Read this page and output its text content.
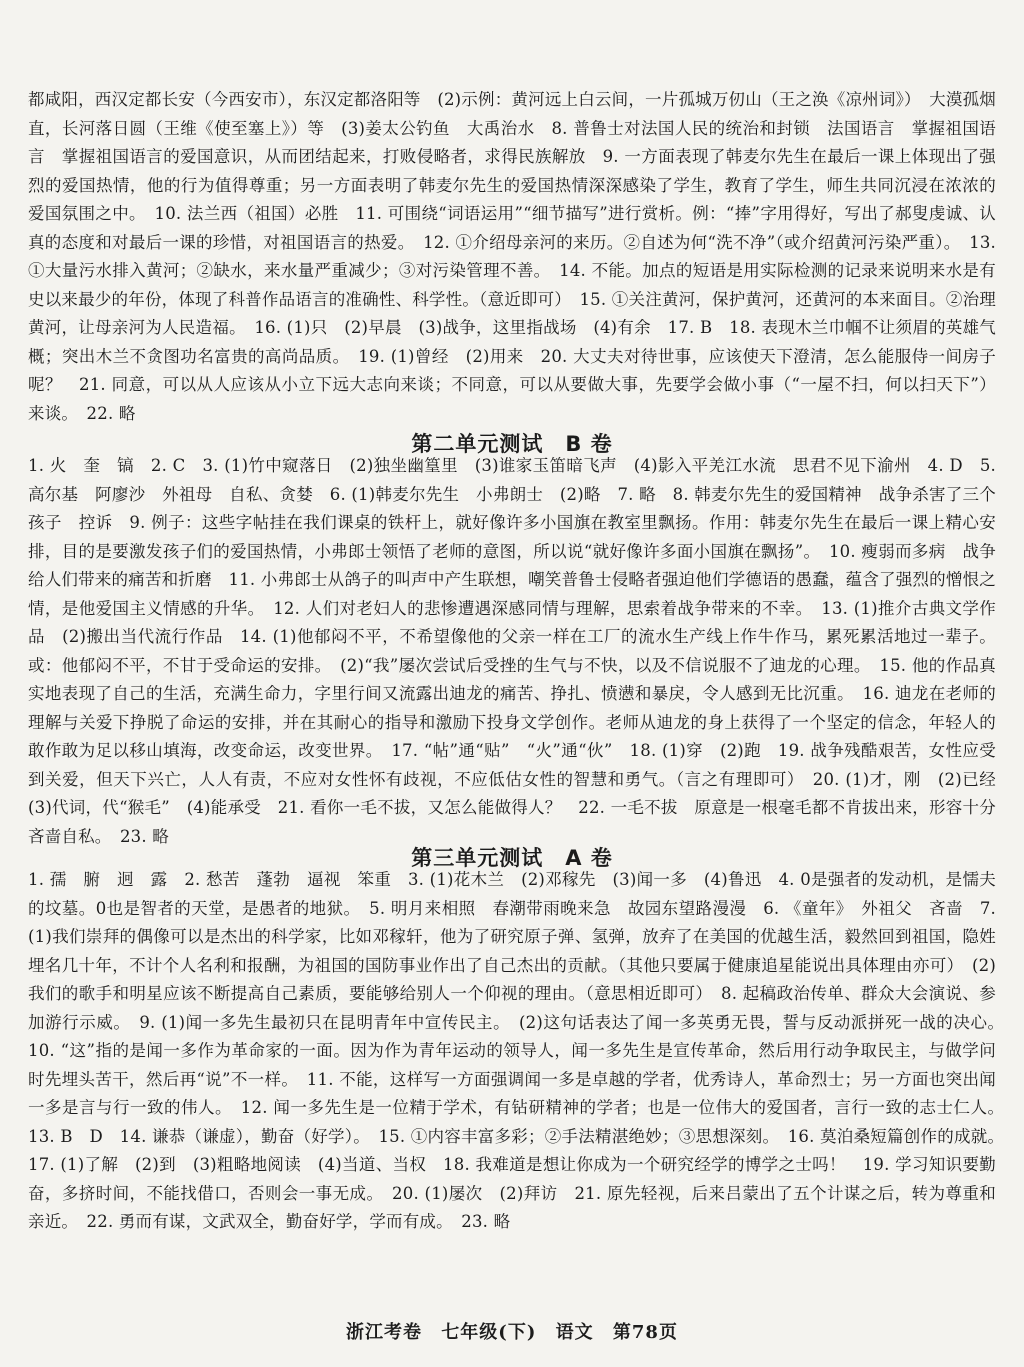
都咸阳，西汉定都长安（今西安市），东汉定都洛阳等　(2)示例：黄河远上白云间，一片孤城万仞山（王之涣《凉州词》）　大漠孤烟直，长河落日圆（王维《使至塞上》）等　(3)姜太公钓鱼　大禹治水　8. 普鲁士对法国人民的统治和封锁　法国语言　掌握祖国语言　掌握祖国语言的爱国意识，从而团结起来，打败侵略者，求得民族解放　9. 一方面表现了韩麦尔先生在最后一课上体现出了强烈的爱国热情，他的行为值得尊重；另一方面表明了韩麦尔先生的爱国热情深深感染了学生，教育了学生，师生共同沉浸在浓浓的爱国氛围之中。　10. 法兰西（祖国）必胜　11. 可围绕“词语运用”“细节描写”进行赏析。例：“捧”字用得好，写出了郝叟虔诚、认真的态度和对最后一课的珍惜，对祖国语言的热爱。　12. ①介绍母亲河的来历。②自述为何“洗不净”（或介绍黄河污染严重）。　13. ①大量污水排入黄河；②缺水，来水量严重减少；③对污染管理不善。　14. 不能。加点的短语是用实际检测的记录来说明来水是有史以来最少的年份，体现了科普作品语言的准确性、科学性。（意近即可）　15. ①关注黄河，保护黄河，还黄河的本来面目。②治理黄河，让母亲河为人民造福。　16. (1)只　(2)早晨　(3)战争，这里指战场　(4)有余　17. B　18. 表现木兰巾帼不让须眉的英雄气概；突出木兰不贪图功名富贵的高尚品质。　19. (1)曾经　(2)用来　20. 大丈夫对待世事，应该使天下澄清，怎么能服侍一间房子呢？　21. 同意，可以从人应该从小立下远大志向来谈；不同意，可以从要做大事，先要学会做小事（“一屋不扫，何以扫天下”）来谈。　22. 略

第二单元测试　B 卷

1. 火　奎　镐　2. C　3. (1)竹中窥落日　(2)独坐幽篁里　(3)谁家玉笛暗飞声　(4)影入平羌江水流　思君不见下渝州　4. D　5. 高尔基　阿廖沙　外祖母　自私、贪婪　6. (1)韩麦尔先生　小弗朗士　(2)略　7. 略　8. 韩麦尔先生的爱国精神　战争杀害了三个孩子　控诉　9. 例子：这些字帖挂在我们课桌的铁杆上，就好像许多小国旗在教室里飘扬。作用：韩麦尔先生在最后一课上精心安排，目的是要激发孩子们的爱国热情，小弗郎士领悟了老师的意图，所以说“就好像许多面小国旗在飘扬”。　10. 瘦弱而多病　战争给人们带来的痛苦和折磨　11. 小弗郎士从鸽子的叫声中产生联想，嘲笑普鲁士侵略者强迫他们学德语的愚蠢，蕴含了强烈的憎恨之情，是他爱国主义情感的升华。　12. 人们对老妇人的悲惨遭遇深感同情与理解，思索着战争带来的不幸。　13. (1)推介古典文学作品　(2)搬出当代流行作品　14. (1)他郁闷不平，不希望像他的父亲一样在工厂的流水生产线上作牛作马，累死累活地过一辈子。或：他郁闷不平，不甘于受命运的安排。　(2)“我”屡次尝试后受挫的生气与不快，以及不信说服不了迪龙的心理。　15. 他的作品真实地表现了自己的生活，充满生命力，字里行间又流露出迪龙的痛苦、挣扎、愤懑和暴戾，令人感到无比沉重。　16. 迪龙在老师的理解与关爱下挣脱了命运的安排，并在其耐心的指导和激励下投身文学创作。老师从迪龙的身上获得了一个坚定的信念，年轻人的敢作敢为足以移山填海，改变命运，改变世界。　17. “帖”通“贴”　“火”通“伙”　18. (1)穿　(2)跑　19. 战争残酷艰苦，女性应受到关爱，但天下兴亡，人人有责，不应对女性怀有歧视，不应低估女性的智慧和勇气。（言之有理即可）　20. (1)才，刚　(2)已经　(3)代词，代“猴毛”　(4)能承受　21. 看你一毛不拔，又怎么能做得人？　22. 一毛不拔　原意是一根毫毛都不肯拔出来，形容十分吝啬自私。　23. 略

第三单元测试　A 卷

1. 孺　腑　迥　露　2. 愁苦　蓬勃　逼视　笨重　3. (1)花木兰　(2)邓稼先　(3)闻一多　(4)鲁迅　4. 0是强者的发动机，是懦夫的坟墓。0也是智者的天堂，是愚者的地狱。　5. 明月来相照　春潮带雨晚来急　故园东望路漫漫　6. 《童年》　外祖父　吝啬　7. (1)我们崇拜的偶像可以是杰出的科学家，比如邓稼轩，他为了研究原子弹、氢弹，放弃了在美国的优越生活，毅然回到祖国，隐姓埋名几十年，不计个人名利和报酬，为祖国的国防事业作出了自己杰出的贡献。（其他只要属于健康追星能说出具体理由亦可）　(2)我们的歌手和明星应该不断提高自己素质，要能够给别人一个仰视的理由。（意思相近即可）　8. 起稿政治传单、群众大会演说、参加游行示威。　9. (1)闻一多先生最初只在昆明青年中宣传民主。　(2)这句话表达了闻一多英勇无畏，誓与反动派拼死一战的决心。　10. “这”指的是闻一多作为革命家的一面。因为作为青年运动的领导人，闻一多先生是宣传革命，然后用行动争取民主，与做学问时先埋头苦干，然后再“说”不一样。　11. 不能，这样写一方面强调闻一多是卓越的学者，优秀诗人，革命烈士；另一方面也突出闻一多是言与行一致的伟人。　12. 闻一多先生是一位精于学术，有钻研精神的学者；也是一位伟大的爱国者，言行一致的志士仁人。　13. B　D　14. 谦恭（谦虚），勤奋（好学）。　15. ①内容丰富多彩；②手法精湛绝妙；③思想深刻。　16. 莫泊桑短篇创作的成就。　17. (1)了解　(2)到　(3)粗略地阅读　(4)当道、当权　18. 我难道是想让你成为一个研究经学的博学之士吗！　19. 学习知识要勤奋，多挤时间，不能找借口，否则会一事无成。　20. (1)屡次　(2)拜访　21. 原先轻视，后来吕蒙出了五个计谋之后，转为尊重和亲近。　22. 勇而有谋，文武双全，勤奋好学，学而有成。　23. 略

浙江考卷 七年级(下) 语文 第78页
